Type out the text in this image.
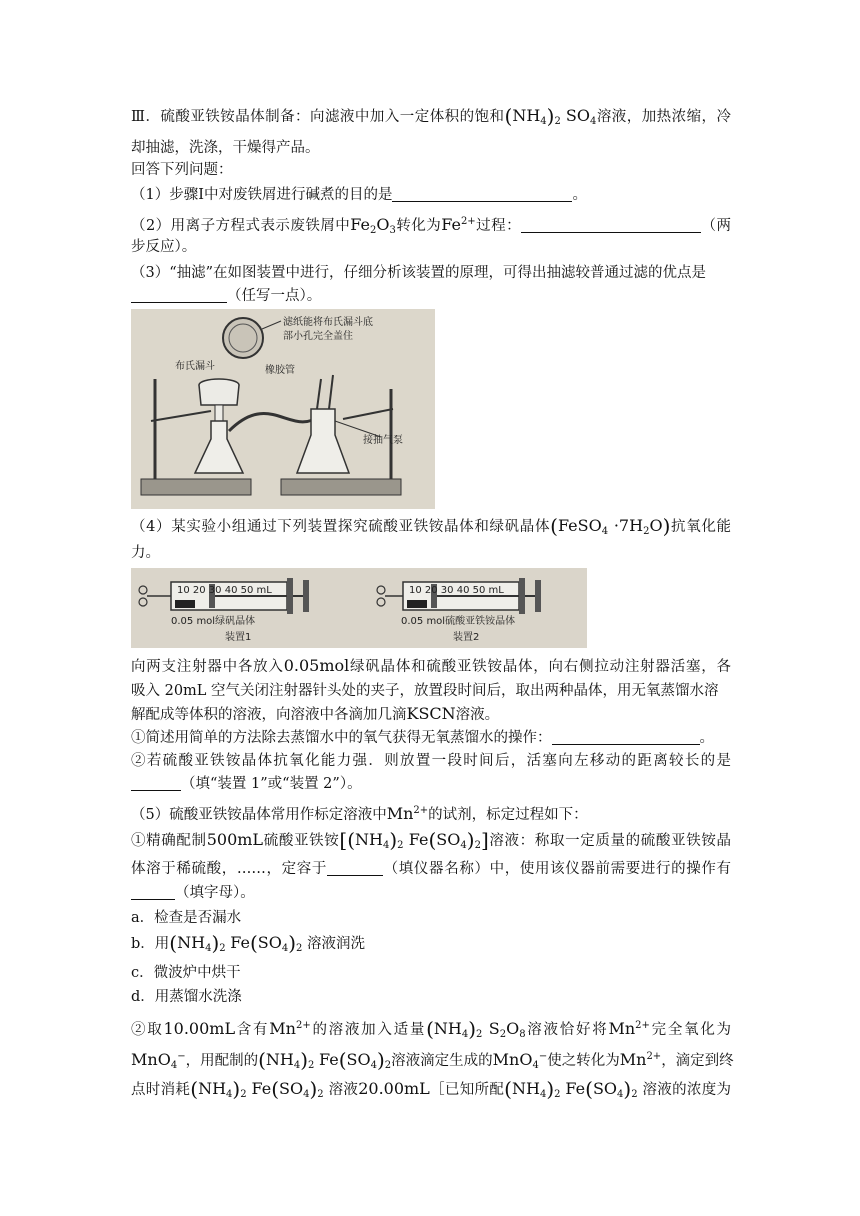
Ⅲ．硫酸亚铁铵晶体制备：向滤液中加入一定体积的饱和$(NH_4)_2$ $SO_4$溶液，加热浓缩，冷
却抽滤，洗涤，干燥得产品。
回答下列问题：
（1）步骤Ⅰ中对废铁屑进行碱煮的目的是	。
（2）用离子方程式表示废铁屑中$Fe_2O_3$转化为$Fe^{2+}$过程：	（两
步反应）。
（3）“抽滤”在如图装置中进行，仔细分析该装置的原理，可得出抽滤较普通过滤的优点是
（任写一点）。
滤纸能将布氏漏斗底
部小孔完全盖住
布氏漏斗	橡胶管
接抽气泵
（4）某实验小组通过下列装置探究硫酸亚铁铵晶体和绿矾晶体(FeSO$_4$ $\cdot 7H_2O$)抗氧化能
力。
10 20 30 40 50 mL
0.05 mol绿矾晶体
装置1
10 20 30 40 50 mL
0.05 mol硫酸亚铁铵晶体
装置2
向两支注射器中各放入0.05mol绿矾晶体和硫酸亚铁铵晶体，向右侧拉动注射器活塞，各
吸入 20mL 空气关闭注射器针头处的夹子，放置段时间后，取出两种晶体，用无氧蒸馏水溶
解配成等体积的溶液，向溶液中各滴加几滴KSCN溶液。
①简述用简单的方法除去蒸馏水中的氧气获得无氧蒸馏水的操作：	。
②若硫酸亚铁铵晶体抗氧化能力强．则放置一段时间后，活塞向左移动的距离较长的是
（填“装置 1”或“装置 2”）。
（5）硫酸亚铁铵晶体常用作标定溶液中$Mn^{2+}$的试剂，标定过程如下：
①精确配制500mL硫酸亚铁铵[$(NH_4)_2$ $Fe(SO_4)_2$]溶液：称取一定质量的硫酸亚铁铵晶
体溶于稀硫酸，……，定容于	（填仪器名称）中，使用该仪器前需要进行的操作有
（填字母）。
a．检查是否漏水
b．用$(NH_4)_2$ $Fe(SO_4)_2$ 溶液润洗
c．微波炉中烘干
d．用蒸馏水洗涤
②取10.00mL含有$Mn^{2+}$的溶液加入适量$(NH_4)_2$ $S_2O_8$溶液恰好将$Mn^{2+}$完全氧化为
MnO$_4$−，用配制的$(NH_4)_2$ $Fe(SO_4)_2$溶液滴定生成的MnO$_4$−使之转化为$Mn^{2+}$，滴定到终
点时消耗$(NH_4)_2$ $Fe(SO_4)_2$ 溶液20.00mL［已知所配$(NH_4)_2$ $Fe(SO_4)_2$ 溶液的浓度为
